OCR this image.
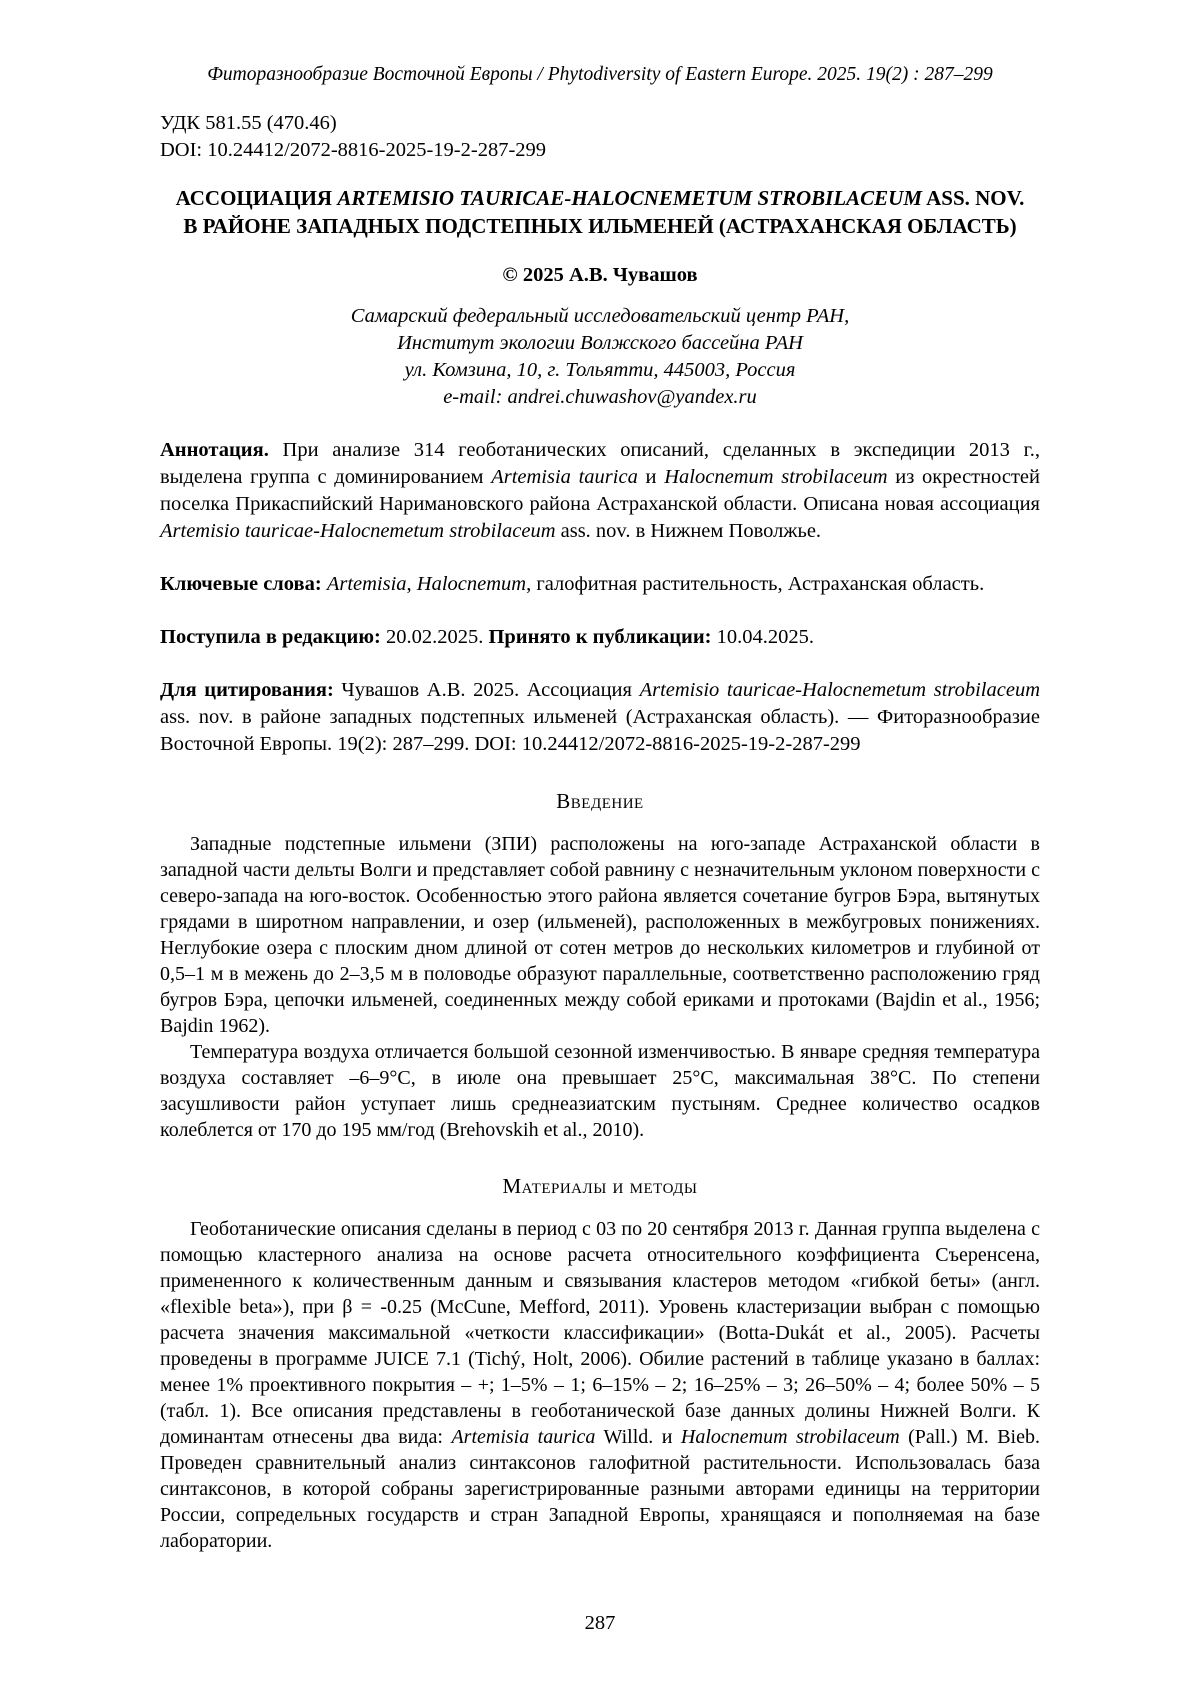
Фиторазнообразие Восточной Европы / Phytodiversity of Eastern Europe. 2025. 19(2) : 287–299
УДК 581.55 (470.46)
DOI: 10.24412/2072-8816-2025-19-2-287-299
АССОЦИАЦИЯ ARTEMISIO TAURICAE-HALOCNEMETUM STROBILACEUM ASS. NOV.
В РАЙОНЕ ЗАПАДНЫХ ПОДСТЕПНЫХ ИЛЬМЕНЕЙ (АСТРАХАНСКАЯ ОБЛАСТЬ)
© 2025 А.В. Чувашов
Самарский федеральный исследовательский центр РАН,
Институт экологии Волжского бассейна РАН
ул. Комзина, 10, г. Тольятти, 445003, Россия
e-mail: andrei.chuwashov@yandex.ru
Аннотация. При анализе 314 геоботанических описаний, сделанных в экспедиции 2013 г., выделена группа с доминированием Artemisia taurica и Halocnemum strobilaceum из окрестностей поселка Прикаспийский Наримановского района Астраханской области. Описана новая ассоциация Artemisio tauricae-Halocnemetum strobilaceum ass. nov. в Нижнем Поволжье.
Ключевые слова: Artemisia, Halocnemum, галофитная растительность, Астраханская область.
Поступила в редакцию: 20.02.2025. Принято к публикации: 10.04.2025.
Для цитирования: Чувашов А.В. 2025. Ассоциация Artemisio tauricae-Halocnemetum strobilaceum ass. nov. в районе западных подстепных ильменей (Астраханская область). — Фиторазнообразие Восточной Европы. 19(2): 287–299. DOI: 10.24412/2072-8816-2025-19-2-287-299
Введение

Западные подстепные ильмени (ЗПИ) расположены на юго-западе Астраханской области в западной части дельты Волги и представляет собой равнину с незначительным уклоном поверхности с северо-запада на юго-восток. Особенностью этого района является сочетание бугров Бэра, вытянутых грядами в широтном направлении, и озер (ильменей), расположенных в межбугровых понижениях. Неглубокие озера с плоским дном длиной от сотен метров до нескольких километров и глубиной от 0,5–1 м в межень до 2–3,5 м в половодье образуют параллельные, соответственно расположению гряд бугров Бэра, цепочки ильменей, соединенных между собой ериками и протоками (Bajdin et al., 1956; Bajdin 1962).

Температура воздуха отличается большой сезонной изменчивостью. В январе средняя температура воздуха составляет –6–9°С, в июле она превышает 25°С, максимальная 38°С. По степени засушливости район уступает лишь среднеазиатским пустыням. Среднее количество осадков колеблется от 170 до 195 мм/год (Brehovskih et al., 2010).

Материалы и методы

Геоботанические описания сделаны в период с 03 по 20 сентября 2013 г. Данная группа выделена с помощью кластерного анализа на основе расчета относительного коэффициента Съеренсена, примененного к количественным данным и связывания кластеров методом «гибкой беты» (англ. «flexible beta»), при β = -0.25 (McCune, Mefford, 2011). Уровень кластеризации выбран с помощью расчета значения максимальной «четкости классификации» (Botta-Dukát et al., 2005). Расчеты проведены в программе JUICE 7.1 (Tichý, Holt, 2006). Обилие растений в таблице указано в баллах: менее 1% проективного покрытия – +; 1–5% – 1; 6–15% – 2; 16–25% – 3; 26–50% – 4; более 50% – 5 (табл. 1). Все описания представлены в геоботанической базе данных долины Нижней Волги. К доминантам отнесены два вида: Artemisia taurica Willd. и Halocnemum strobilaceum (Pall.) M. Bieb. Проведен сравнительный анализ синтаксонов галофитной растительности. Использовалась база синтаксонов, в которой собраны зарегистрированные разными авторами единицы на территории России, сопредельных государств и стран Западной Европы, хранящаяся и пополняемая на базе лаборатории.

287
